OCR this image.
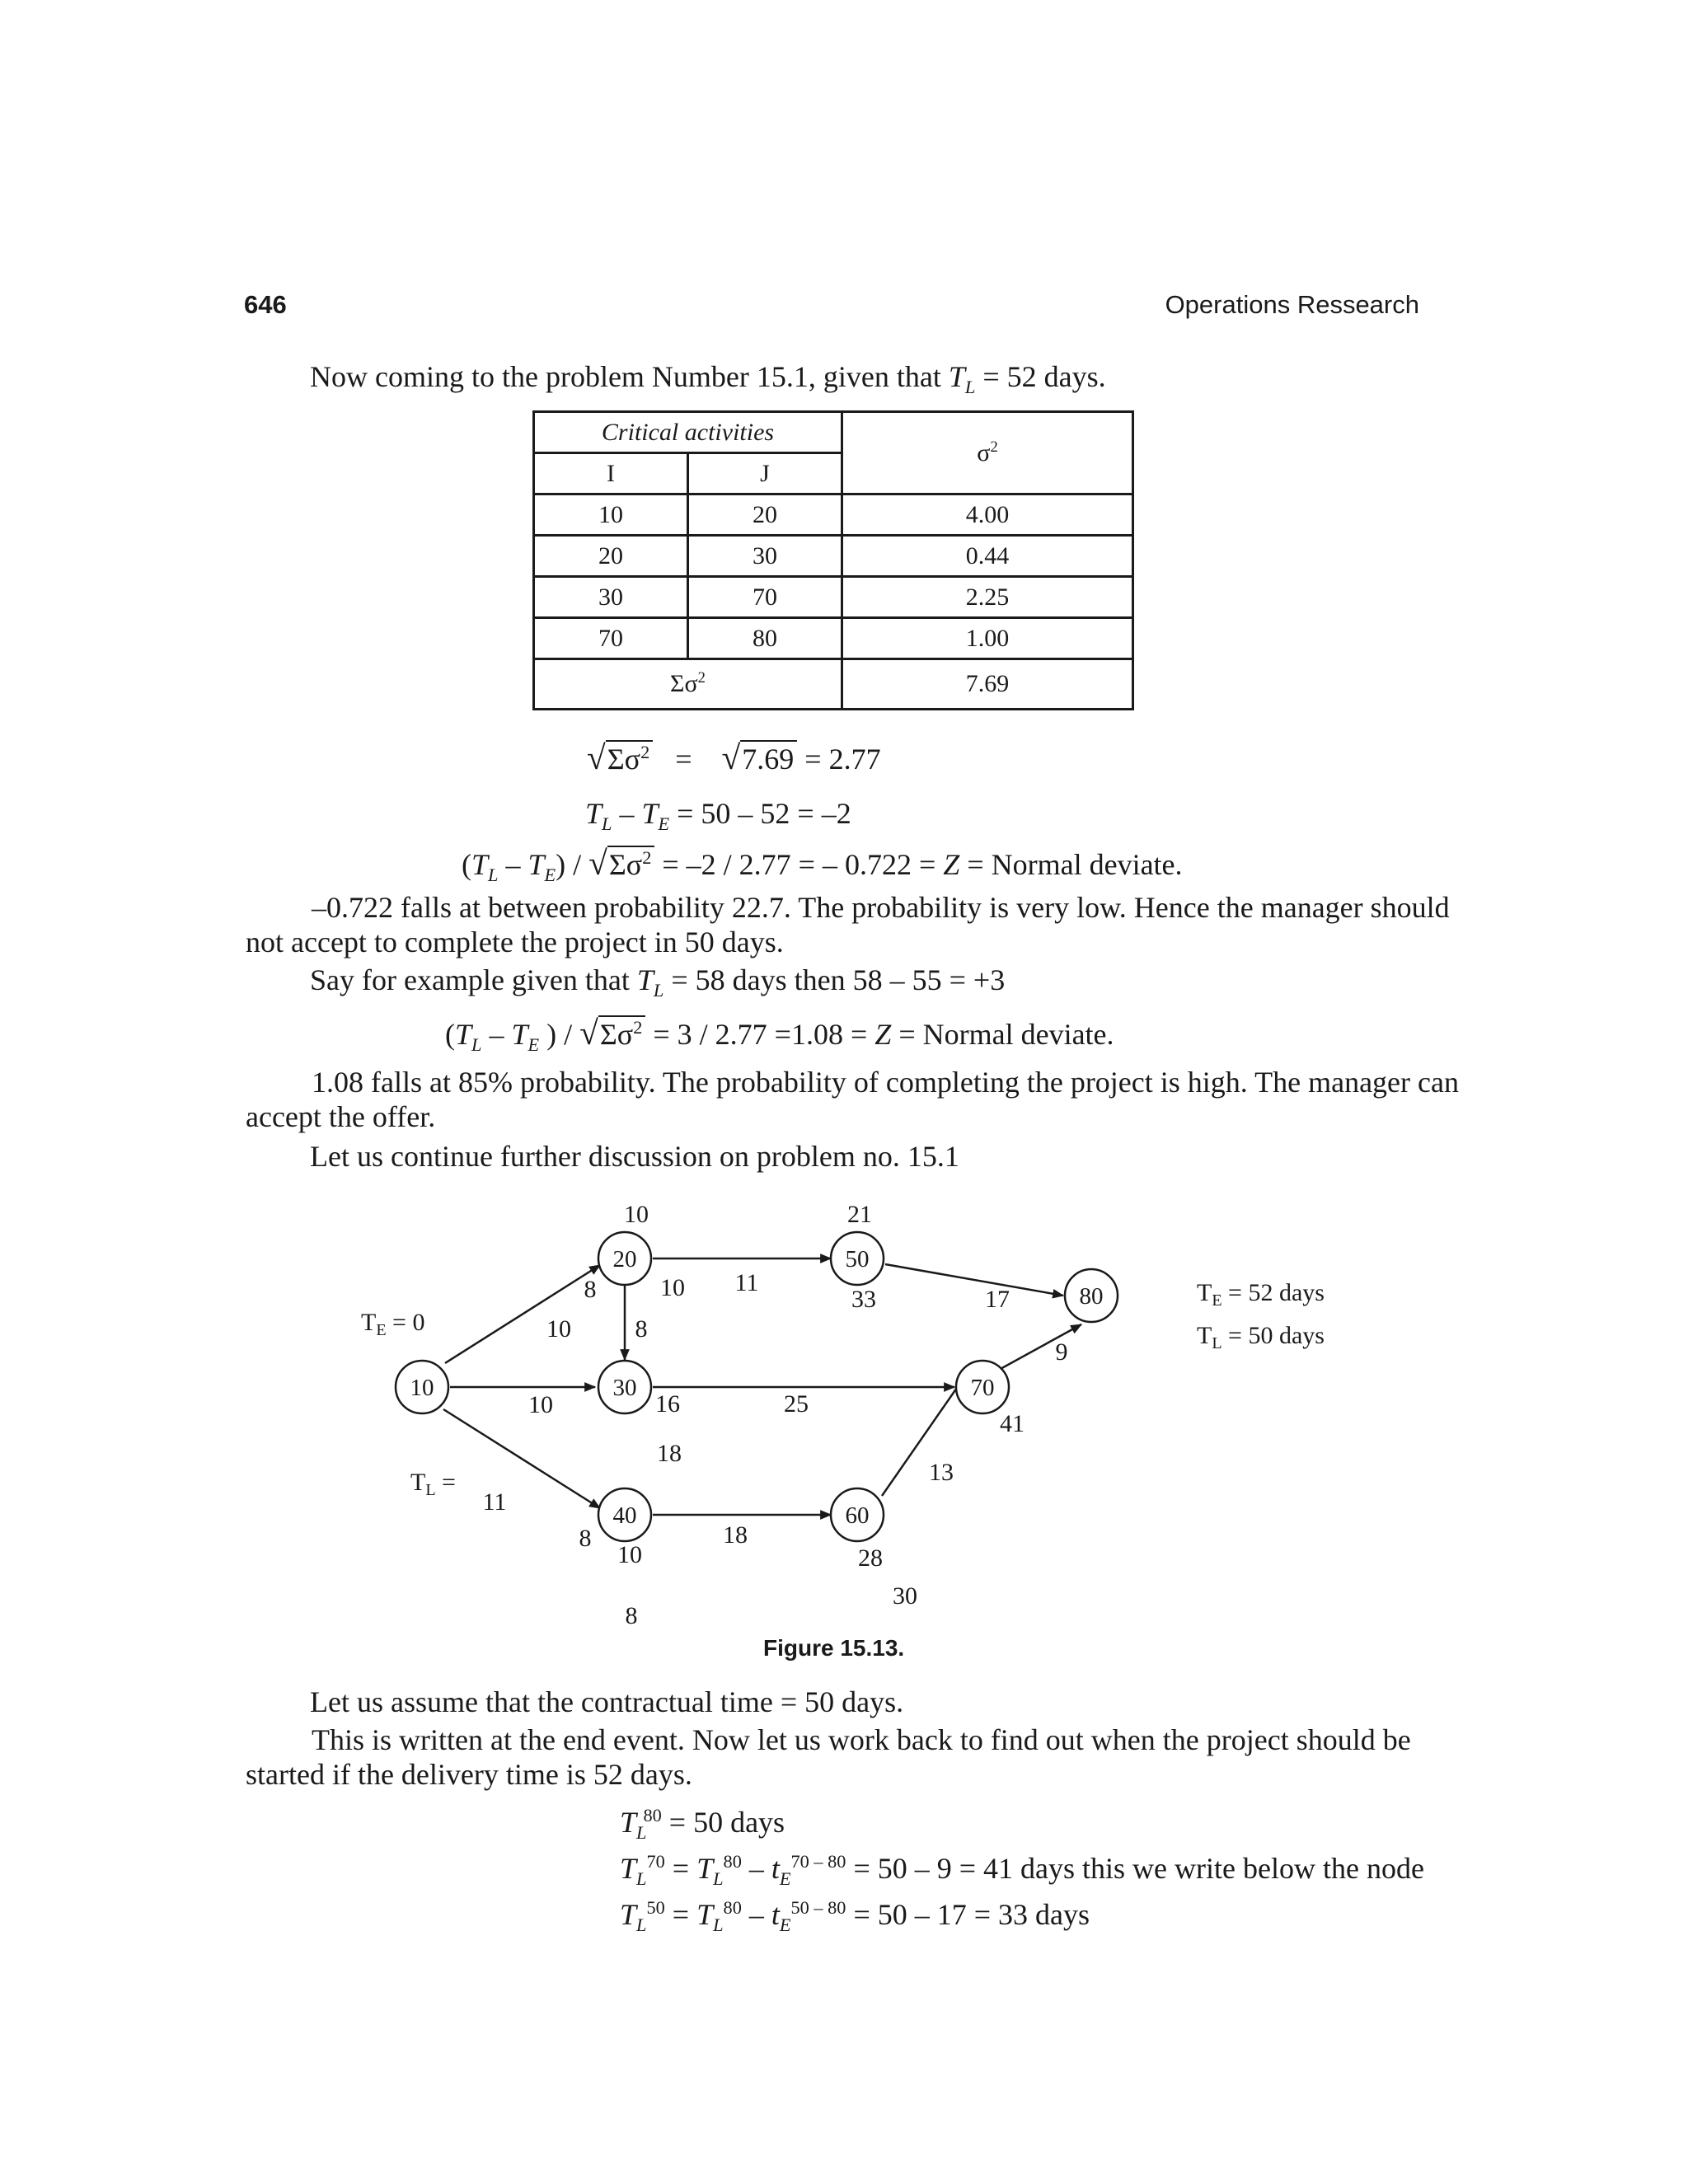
646	Operations Ressearch
Now coming to the problem Number 15.1, given that $T_L = 52$ days.
Critical activities		$\sigma^2$
I	J	
10	20	4.00
20	30	0.44
30	70	2.25
70	80	1.00
$\Sigma\sigma^2$		7.69
$√\Sigma\sigma^2 = √7.69 = 2.77$
$T_L - T_E = 50 - 52 = -2$
$(T_L - T_E) / √\Sigma\sigma^2 = -2 / 2.77$ = – 0.722 = Z = Normal deviate.
–0.722 falls at between probability 22.7. The probability is very low. Hence the manager should
not accept to complete the project in 50 days.
Say for example given that $T_L = 58$ days then 58 – 55 = +3
($T_L - T_E$ ) / $√\Sigma\sigma^2 = 3 / 2.77 =1.08 = Z$ = Normal deviate.
1.08 falls at 85% probability. The probability of completing the project is high. The manager can
accept the offer.
Let us continue further discussion on problem no. 15.1
10
20
30
40
50
60
70
80
10	21
10
8	10 11
33	17
8
10	16	25
18
41
9
11
13
8
10
18
28
30
8
$T_E = 0$
$T_L$ =
$T_E = 52$ days
$T_L = 50$ days
Figure 15.13.
Let us assume that the contractual time = 50 days.
This is written at the end event. Now let us work back to find out when the project should be
started if the delivery time is 52 days.
$T_L^{80} = 50$ days
$T_L^{70} = T_L^{80} - t_E^{70 - 80} = 50 - 9 = 41$ days this we write below the node
$T_L^{50} = T_L^{80} - t_E^{50 - 80} = 50 - 17 = 33$ days
